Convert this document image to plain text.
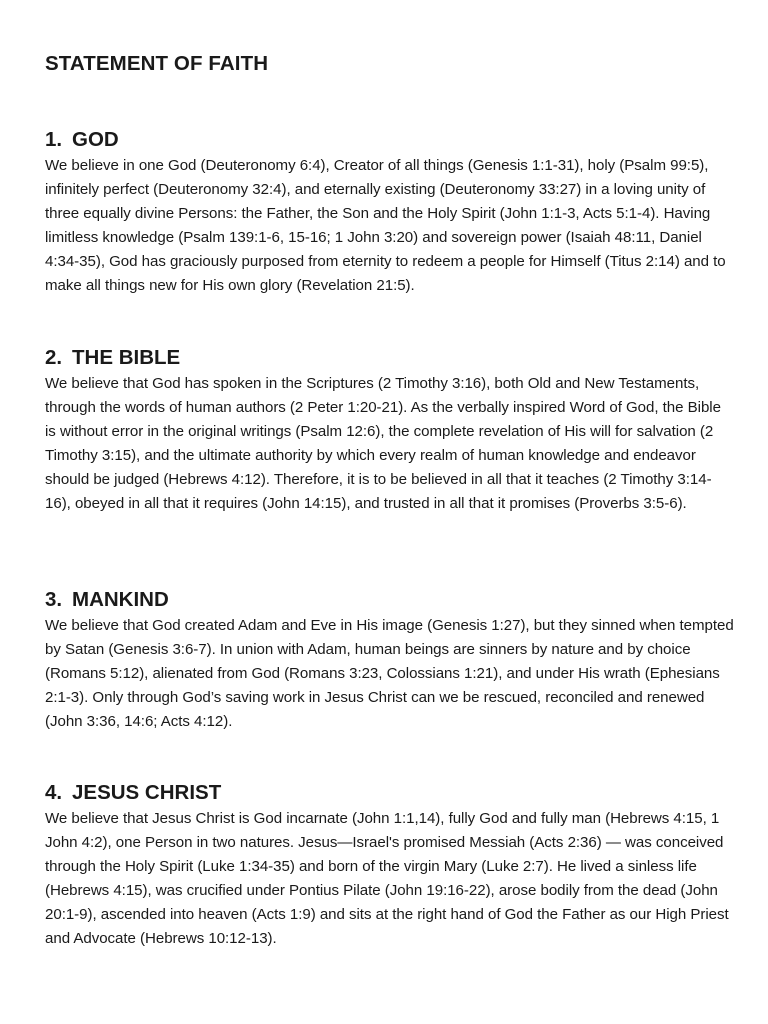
STATEMENT OF FAITH
1. GOD

We believe in one God (Deuteronomy 6:4), Creator of all things (Genesis 1:1-31), holy (Psalm 99:5), infinitely perfect (Deuteronomy 32:4), and eternally existing (Deuteronomy 33:27) in a loving unity of three equally divine Persons: the Father, the Son and the Holy Spirit (John 1:1-3, Acts 5:1-4). Having limitless knowledge (Psalm 139:1-6, 15-16; 1 John 3:20) and sovereign power (Isaiah 48:11, Daniel 4:34-35), God has graciously purposed from eternity to redeem a people for Himself (Titus 2:14) and to make all things new for His own glory (Revelation 21:5).

2. THE BIBLE

We believe that God has spoken in the Scriptures (2 Timothy 3:16), both Old and New Testaments, through the words of human authors (2 Peter 1:20-21). As the verbally inspired Word of God, the Bible is without error in the original writings (Psalm 12:6), the complete revelation of His will for salvation (2 Timothy 3:15), and the ultimate authority by which every realm of human knowledge and endeavor should be judged (Hebrews 4:12). Therefore, it is to be believed in all that it teaches (2 Timothy 3:14-16), obeyed in all that it requires (John 14:15), and trusted in all that it promises (Proverbs 3:5-6).

3. MANKIND

We believe that God created Adam and Eve in His image (Genesis 1:27), but they sinned when tempted by Satan (Genesis 3:6-7). In union with Adam, human beings are sinners by nature and by choice (Romans 5:12), alienated from God (Romans 3:23, Colossians 1:21), and under His wrath (Ephesians 2:1-3). Only through God’s saving work in Jesus Christ can we be rescued, reconciled and renewed (John 3:36, 14:6; Acts 4:12).

4. JESUS CHRIST

We believe that Jesus Christ is God incarnate (John 1:1,14), fully God and fully man (Hebrews 4:15, 1 John 4:2), one Person in two natures. Jesus—Israel's promised Messiah (Acts 2:36) — was conceived through the Holy Spirit (Luke 1:34-35) and born of the virgin Mary (Luke 2:7). He lived a sinless life (Hebrews 4:15), was crucified under Pontius Pilate (John 19:16-22), arose bodily from the dead (John 20:1-9), ascended into heaven (Acts 1:9) and sits at the right hand of God the Father as our High Priest and Advocate (Hebrews 10:12-13).
